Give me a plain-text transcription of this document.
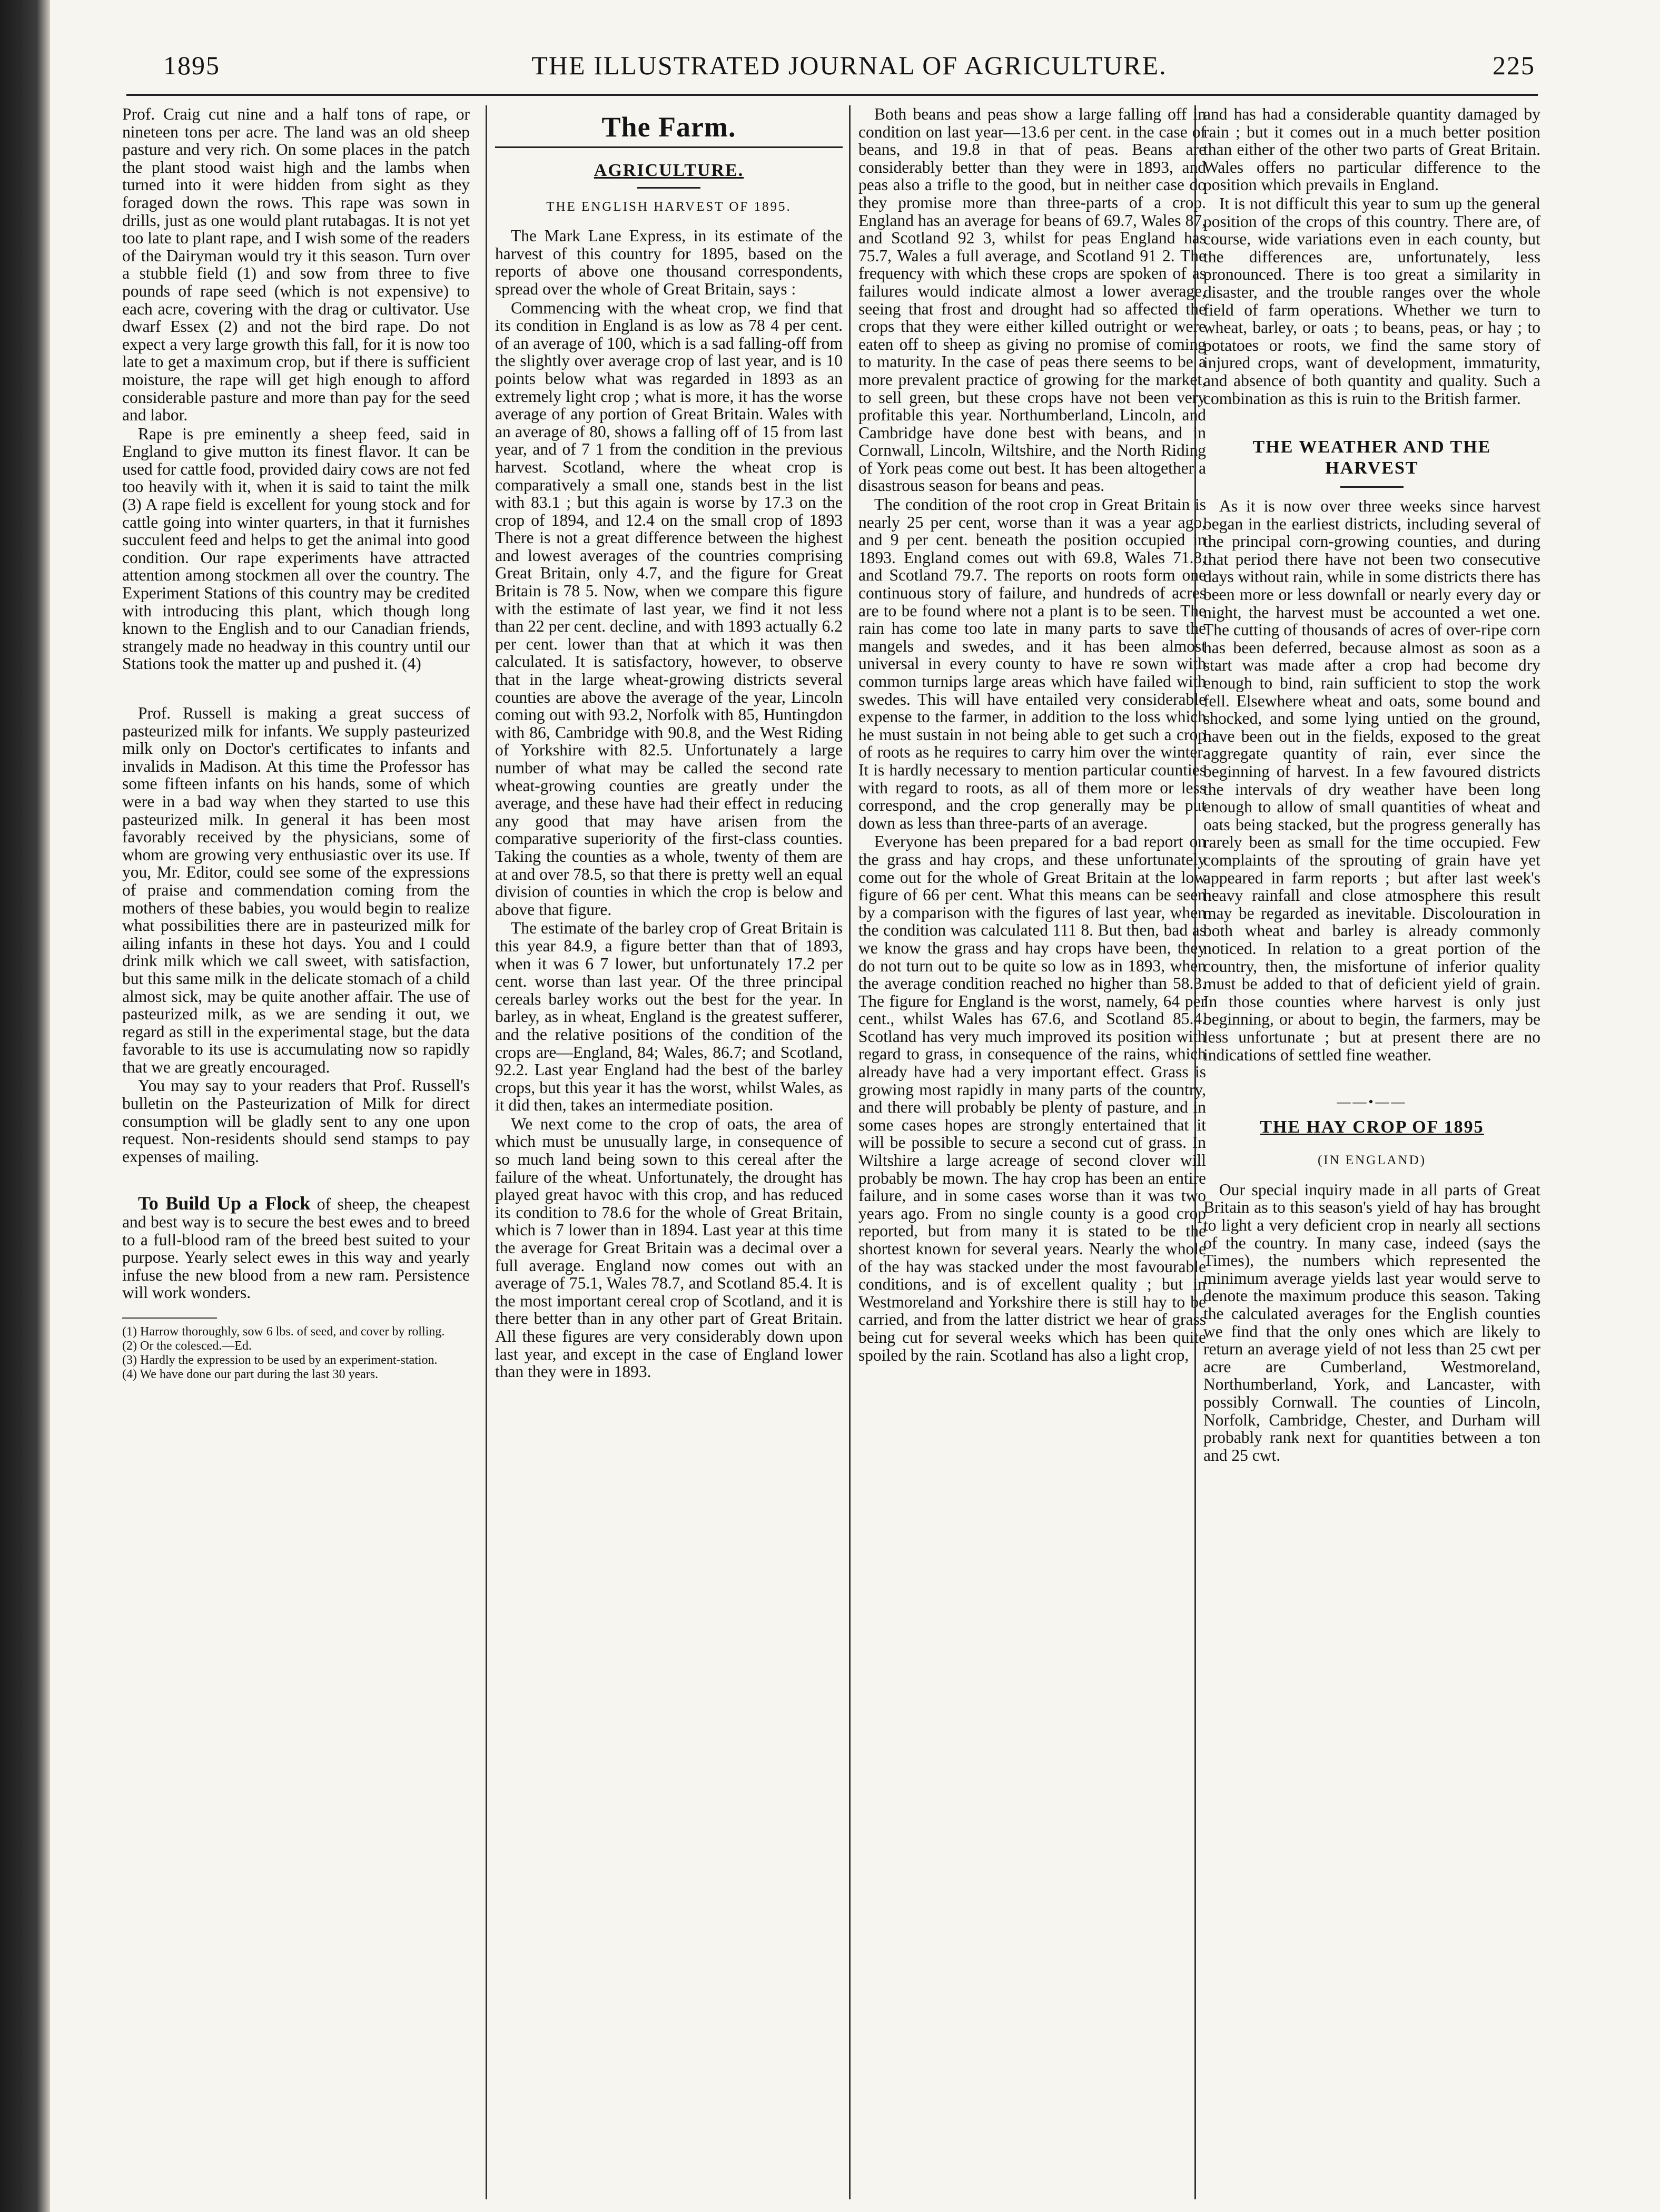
1895	THE ILLUSTRATED JOURNAL OF AGRICULTURE.	225

Prof. Craig cut nine and a half tons of rape, or nineteen tons per acre. The land was an old sheep pasture and very rich. On some places in the patch the plant stood waist high and the lambs when turned into it were hidden from sight as they foraged down the rows. This rape was sown in drills, just as one would plant rutabagas. It is not yet too late to plant rape, and I wish some of the readers of the Dairyman would try it this season. Turn over a stubble field (1) and sow from three to five pounds of rape seed (which is not expensive) to each acre, covering with the drag or cultivator. Use dwarf Essex (2) and not the bird rape. Do not expect a very large growth this fall, for it is now too late to get a maximum crop, but if there is sufficient moisture, the rape will get high enough to afford considerable pasture and more than pay for the seed and labor.

Rape is pre eminently a sheep feed, said in England to give mutton its finest flavor. It can be used for cattle food, provided dairy cows are not fed too heavily with it, when it is said to taint the milk (3) A rape field is excellent for young stock and for cattle going into winter quarters, in that it furnishes succulent feed and helps to get the animal into good condition. Our rape experiments have attracted attention among stockmen all over the country. The Experiment Stations of this country may be credited with introducing this plant, which though long known to the English and to our Canadian friends, strangely made no headway in this country until our Stations took the matter up and pushed it. (4)

Prof. Russell is making a great success of pasteurized milk for infants. We supply pasteurized milk only on Doctor's certificates to infants and invalids in Madison. At this time the Professor has some fifteen infants on his hands, some of which were in a bad way when they started to use this pasteurized milk. In general it has been most favorably received by the physicians, some of whom are growing very enthusiastic over its use. If you, Mr. Editor, could see some of the expressions of praise and commendation coming from the mothers of these babies, you would begin to realize what possibilities there are in pasteurized milk for ailing infants in these hot days. You and I could drink milk which we call sweet, with satisfaction, but this same milk in the delicate stomach of a child almost sick, may be quite another affair. The use of pasteurized milk, as we are sending it out, we regard as still in the experimental stage, but the data favorable to its use is accumulating now so rapidly that we are greatly encouraged.

You may say to your readers that Prof. Russell's bulletin on the Pasteurization of Milk for direct consumption will be gladly sent to any one upon request. Non-residents should send stamps to pay expenses of mailing.

To Build Up a Flock of sheep, the cheapest and best way is to secure the best ewes and to breed to a full-blood ram of the breed best suited to your purpose. Yearly select ewes in this way and yearly infuse the new blood from a new ram. Persistence will work wonders.

(1) Harrow thoroughly, sow 6 lbs. of seed, and cover by rolling.
(2) Or the colesced.—Ed.
(3) Hardly the expression to be used by an experiment-station.
(4) We have done our part during the last 30 years.
The Farm.
AGRICULTURE.
THE ENGLISH HARVEST OF 1895.

The Mark Lane Express, in its estimate of the harvest of this country for 1895, based on the reports of above one thousand correspondents, spread over the whole of Great Britain, says :

Commencing with the wheat crop, we find that its condition in England is as low as 78 4 per cent. of an average of 100, which is a sad falling-off from the slightly over average crop of last year, and is 10 points below what was regarded in 1893 as an extremely light crop ; what is more, it has the worse average of any portion of Great Britain. Wales with an average of 80, shows a falling off of 15 from last year, and of 7 1 from the condition in the previous harvest. Scotland, where the wheat crop is comparatively a small one, stands best in the list with 83.1 ; but this again is worse by 17.3 on the crop of 1894, and 12.4 on the small crop of 1893 There is not a great difference between the highest and lowest averages of the countries comprising Great Britain, only 4.7, and the figure for Great Britain is 78 5. Now, when we compare this figure with the estimate of last year, we find it not less than 22 per cent. decline, and with 1893 actually 6.2 per cent. lower than that at which it was then calculated. It is satisfactory, however, to observe that in the large wheat-growing districts several counties are above the average of the year, Lincoln coming out with 93.2, Norfolk with 85, Huntingdon with 86, Cambridge with 90.8, and the West Riding of Yorkshire with 82.5. Unfortunately a large number of what may be called the second rate wheat-growing counties are greatly under the average, and these have had their effect in reducing any good that may have arisen from the comparative superiority of the first-class counties. Taking the counties as a whole, twenty of them are at and over 78.5, so that there is pretty well an equal division of counties in which the crop is below and above that figure.

The estimate of the barley crop of Great Britain is this year 84.9, a figure better than that of 1893, when it was 6 7 lower, but unfortunately 17.2 per cent. worse than last year. Of the three principal cereals barley works out the best for the year. In barley, as in wheat, England is the greatest sufferer, and the relative positions of the condition of the crops are—England, 84; Wales, 86.7; and Scotland, 92.2. Last year England had the best of the barley crops, but this year it has the worst, whilst Wales, as it did then, takes an intermediate position.

We next come to the crop of oats, the area of which must be unusually large, in consequence of so much land being sown to this cereal after the failure of the wheat. Unfortunately, the drought has played great havoc with this crop, and has reduced its condition to 78.6 for the whole of Great Britain, which is 7 lower than in 1894. Last year at this time the average for Great Britain was a decimal over a full average. England now comes out with an average of 75.1, Wales 78.7, and Scotland 85.4. It is the most important cereal crop of Scotland, and it is there better than in any other part of Great Britain. All these figures are very considerably down upon last year, and except in the case of England lower than they were in 1893.

Both beans and peas show a large falling off in condition on last year—13.6 per cent. in the case of beans, and 19.8 in that of peas. Beans are considerably better than they were in 1893, and peas also a trifle to the good, but in neither case do they promise more than three-parts of a crop. England has an average for beans of 69.7, Wales 87, and Scotland 92 3, whilst for peas England has 75.7, Wales a full average, and Scotland 91 2. The frequency with which these crops are spoken of as failures would indicate almost a lower average, seeing that frost and drought had so affected the crops that they were either killed outright or were eaten off to sheep as giving no promise of coming to maturity. In the case of peas there seems to be a more prevalent practice of growing for the market, to sell green, but these crops have not been very profitable this year. Northumberland, Lincoln, and Cambridge have done best with beans, and in Cornwall, Lincoln, Wiltshire, and the North Riding of York peas come out best. It has been altogether a disastrous season for beans and peas.

The condition of the root crop in Great Britain is nearly 25 per cent, worse than it was a year ago, and 9 per cent. beneath the position occupied in 1893. England comes out with 69.8, Wales 71.8, and Scotland 79.7. The reports on roots form one continuous story of failure, and hundreds of acres are to be found where not a plant is to be seen. The rain has come too late in many parts to save the mangels and swedes, and it has been almost universal in every county to have re sown with common turnips large areas which have failed with swedes. This will have entailed very considerable expense to the farmer, in addition to the loss which he must sustain in not being able to get such a crop of roots as he requires to carry him over the winter. It is hardly necessary to mention particular counties with regard to roots, as all of them more or less correspond, and the crop generally may be put down as less than three-parts of an average.

Everyone has been prepared for a bad report on the grass and hay crops, and these unfortunately come out for the whole of Great Britain at the low figure of 66 per cent. What this means can be seen by a comparison with the figures of last year, when the condition was calculated 111 8. But then, bad as we know the grass and hay crops have been, they do not turn out to be quite so low as in 1893, when the average condition reached no higher than 58.3. The figure for England is the worst, namely, 64 per cent., whilst Wales has 67.6, and Scotland 85.4. Scotland has very much improved its position with regard to grass, in consequence of the rains, which already have had a very important effect. Grass is growing most rapidly in many parts of the country, and there will probably be plenty of pasture, and in some cases hopes are strongly entertained that it will be possible to secure a second cut of grass. In Wiltshire a large acreage of second clover will probably be mown. The hay crop has been an entire failure, and in some cases worse than it was two years ago. From no single county is a good crop reported, but from many it is stated to be the shortest known for several years. Nearly the whole of the hay was stacked under the most favourable conditions, and is of excellent quality ; but in Westmoreland and Yorkshire there is still hay to be carried, and from the latter district we hear of grass being cut for several weeks which has been quite spoiled by the rain. Scotland has also a light crop,

and has had a considerable quantity damaged by rain ; but it comes out in a much better position than either of the other two parts of Great Britain. Wales offers no particular difference to the position which prevails in England.

It is not difficult this year to sum up the general position of the crops of this country. There are, of course, wide variations even in each county, but the differences are, unfortunately, less pronounced. There is too great a similarity in disaster, and the trouble ranges over the whole field of farm operations. Whether we turn to wheat, barley, or oats ; to beans, peas, or hay ; to potatoes or roots, we find the same story of injured crops, want of development, immaturity, and absence of both quantity and quality. Such a combination as this is ruin to the British farmer.

THE WEATHER AND THE HARVEST

As it is now over three weeks since harvest began in the earliest districts, including several of the principal corn-growing counties, and during that period there have not been two consecutive days without rain, while in some districts there has been more or less downfall or nearly every day or night, the harvest must be accounted a wet one. The cutting of thousands of acres of over-ripe corn has been deferred, because almost as soon as a start was made after a crop had become dry enough to bind, rain sufficient to stop the work fell. Elsewhere wheat and oats, some bound and shocked, and some lying untied on the ground, have been out in the fields, exposed to the great aggregate quantity of rain, ever since the beginning of harvest. In a few favoured districts the intervals of dry weather have been long enough to allow of small quantities of wheat and oats being stacked, but the progress generally has rarely been as small for the time occupied. Few complaints of the sprouting of grain have yet appeared in farm reports ; but after last week's heavy rainfall and close atmosphere this result may be regarded as inevitable. Discolouration in both wheat and barley is already commonly noticed. In relation to a great portion of the country, then, the misfortune of inferior quality must be added to that of deficient yield of grain. In those counties where harvest is only just beginning, or about to begin, the farmers, may be less unfortunate ; but at present there are no indications of settled fine weather.

——•——
THE HAY CROP OF 1895
(IN ENGLAND)

Our special inquiry made in all parts of Great Britain as to this season's yield of hay has brought to light a very deficient crop in nearly all sections of the country. In many case, indeed (says the Times), the numbers which represented the minimum average yields last year would serve to denote the maximum produce this season. Taking the calculated averages for the English counties we find that the only ones which are likely to return an average yield of not less than 25 cwt per acre are Cumberland, Westmoreland, Northumberland, York, and Lancaster, with possibly Cornwall. The counties of Lincoln, Norfolk, Cambridge, Chester, and Durham will probably rank next for quantities between a ton and 25 cwt.
